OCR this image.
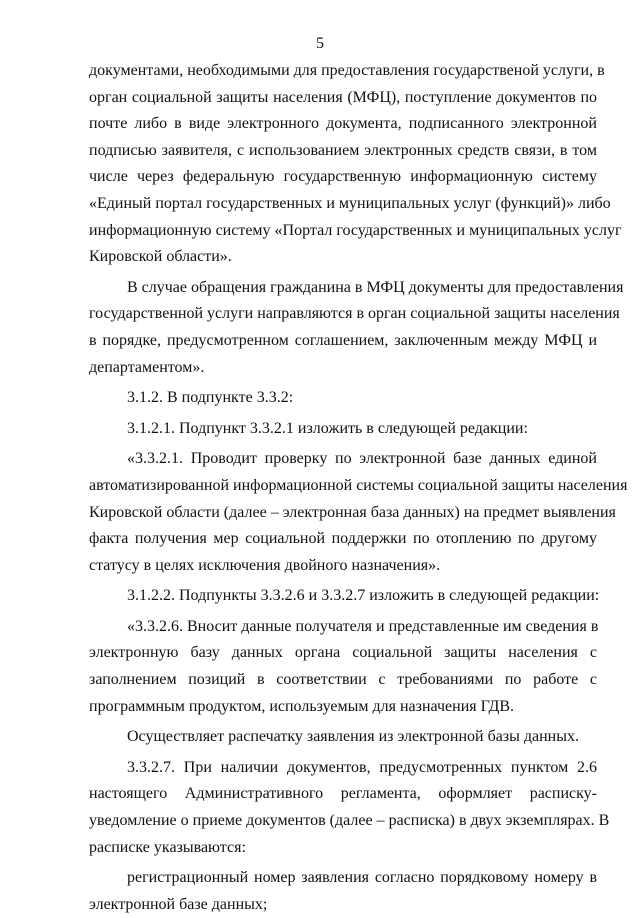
5

документами, необходимыми для предоставления государственой услуги, в
орган социальной защиты населения (МФЦ), поступление документов по
почте либо в виде электронного документа, подписанного электронной
подписью заявителя, с использованием электронных средств связи, в том
числе через федеральную государственную информационную систему
«Единый портал государственных и муниципальных услуг (функций)» либо
информационную систему «Портал государственных и муниципальных услуг
Кировской области».

В случае обращения гражданина в МФЦ документы для предоставления
государственной услуги направляются в орган социальной защиты населения
в порядке, предусмотренном соглашением, заключенным между МФЦ и
департаментом».

3.1.2. В подпункте 3.3.2:

3.1.2.1. Подпункт 3.3.2.1 изложить в следующей редакции:

«3.3.2.1. Проводит проверку по электронной базе данных единой
автоматизированной информационной системы социальной защиты населения
Кировской области (далее – электронная база данных) на предмет выявления
факта получения мер социальной поддержки по отоплению по другому
статусу в целях исключения двойного назначения».

3.1.2.2. Подпункты 3.3.2.6 и 3.3.2.7 изложить в следующей редакции:

«3.3.2.6. Вносит данные получателя и представленные им сведения в
электронную базу данных органа социальной защиты населения с
заполнением позиций в соответствии с требованиями по работе с
программным продуктом, используемым для назначения ГДВ.

Осуществляет распечатку заявления из электронной базы данных.

3.3.2.7. При наличии документов, предусмотренных пунктом 2.6
настоящего Административного регламента, оформляет расписку-
уведомление о приеме документов (далее – расписка) в двух экземплярах. В
расписке указываются:

регистрационный номер заявления согласно порядковому номеру в
электронной базе данных;
